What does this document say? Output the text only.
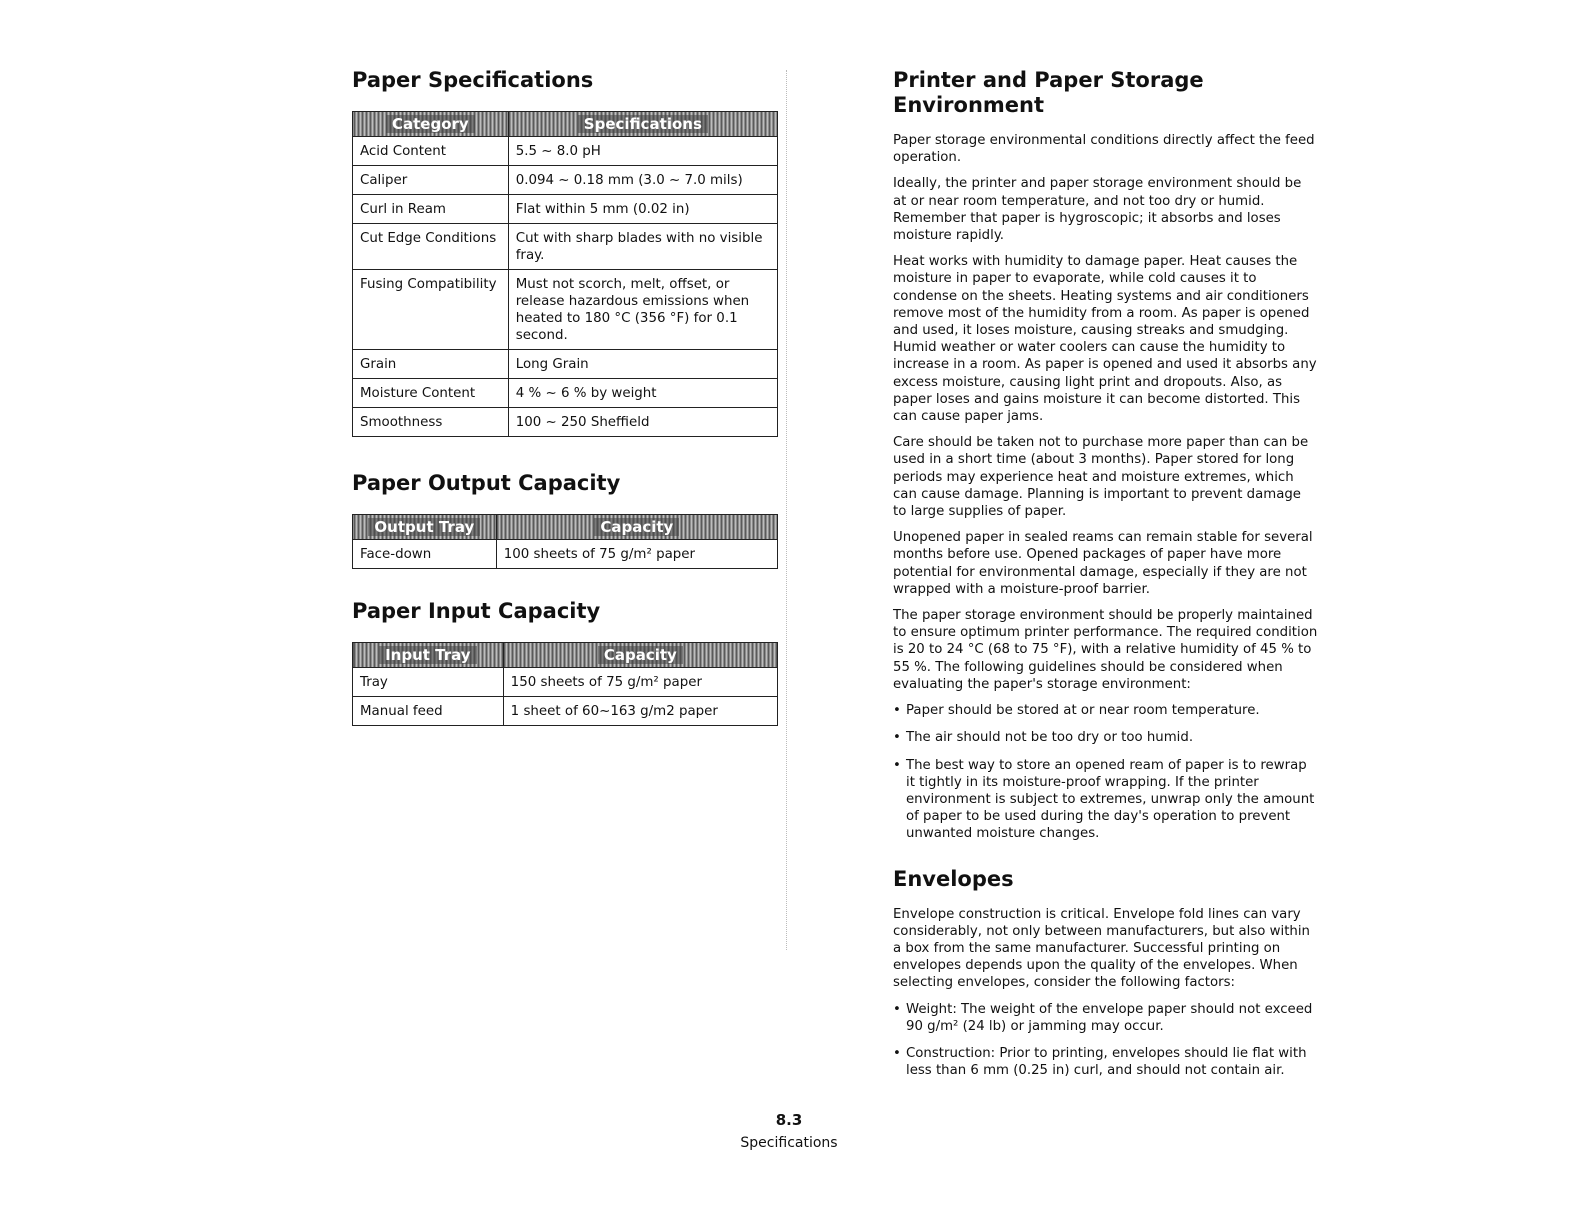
Paper Specifications
Category	Specifications
Acid Content	5.5 ~ 8.0 pH
Caliper	0.094 ~ 0.18 mm (3.0 ~ 7.0 mils)
Curl in Ream	Flat within 5 mm (0.02 in)
Cut Edge Conditions	Cut with sharp blades with no visible fray.
Fusing Compatibility	Must not scorch, melt, offset, or release hazardous emissions when heated to 180 °C (356 °F) for 0.1 second.
Grain	Long Grain
Moisture Content	4 % ~ 6 % by weight
Smoothness	100 ~ 250 Sheffield
Paper Output Capacity
Output Tray	Capacity
Face-down	100 sheets of 75 g/m² paper
Paper Input Capacity
Input Tray	Capacity
Tray	150 sheets of 75 g/m² paper
Manual feed	1 sheet of 60~163 g/m2 paper
Printer and Paper Storage Environment

Paper storage environmental conditions directly affect the feed operation.

Ideally, the printer and paper storage environment should be at or near room temperature, and not too dry or humid. Remember that paper is hygroscopic; it absorbs and loses moisture rapidly.

Heat works with humidity to damage paper. Heat causes the moisture in paper to evaporate, while cold causes it to condense on the sheets. Heating systems and air conditioners remove most of the humidity from a room. As paper is opened and used, it loses moisture, causing streaks and smudging. Humid weather or water coolers can cause the humidity to increase in a room. As paper is opened and used it absorbs any excess moisture, causing light print and dropouts. Also, as paper loses and gains moisture it can become distorted. This can cause paper jams.

Care should be taken not to purchase more paper than can be used in a short time (about 3 months). Paper stored for long periods may experience heat and moisture extremes, which can cause damage. Planning is important to prevent damage to large supplies of paper.

Unopened paper in sealed reams can remain stable for several months before use. Opened packages of paper have more potential for environmental damage, especially if they are not wrapped with a moisture-proof barrier.

The paper storage environment should be properly maintained to ensure optimum printer performance. The required condition is 20 to 24 °C (68 to 75 °F), with a relative humidity of 45 % to 55 %. The following guidelines should be considered when evaluating the paper's storage environment:

• Paper should be stored at or near room temperature.
• The air should not be too dry or too humid.
• The best way to store an opened ream of paper is to rewrap it tightly in its moisture-proof wrapping. If the printer environment is subject to extremes, unwrap only the amount of paper to be used during the day's operation to prevent unwanted moisture changes.
Envelopes

Envelope construction is critical. Envelope fold lines can vary considerably, not only between manufacturers, but also within a box from the same manufacturer. Successful printing on envelopes depends upon the quality of the envelopes. When selecting envelopes, consider the following factors:

• Weight: The weight of the envelope paper should not exceed 90 g/m² (24 lb) or jamming may occur.
• Construction: Prior to printing, envelopes should lie flat with less than 6 mm (0.25 in) curl, and should not contain air.
8.3
Specifications
